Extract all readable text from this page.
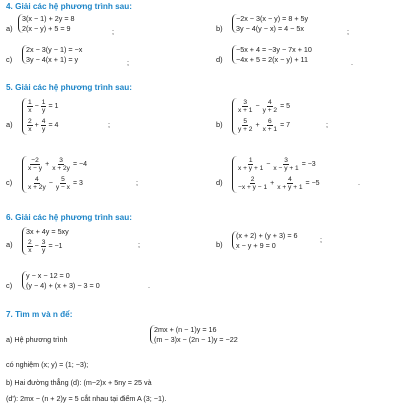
4. Giải các hệ phương trình sau:
a)
3(x − 1) + 2y = 8
2(x − y) + 5 = 9	;	b)
−2x − 3(x − y) = 8 + 5y
3y − 4(y − x) = 4 − 5x	;
c)
2x − 3(y − 1) = −x
3y − 4(x + 1) = y	;	d)
−5x + 4 = −3y − 7x + 10
−4x + 5 = 2(x − y) + 11	.
5. Giải các hệ phương trình sau:
a)
$\frac{1}{x} - \frac{1}{y} = 1$
$\frac{2}{x} + \frac{4}{y} = 4$	;	b)
$\frac{3}{x + 1} - \frac{4}{y + 2} = 5$
$\frac{5}{y + 2} + \frac{6}{x + 1} = 7$	;
c)
$\frac{-2}{x - y} + \frac{3}{x + 2y} = -4$
$\frac{4}{x + 2y} - \frac{5}{y - x} = 3$	;	d)
$\frac{1}{x + y + 1} - \frac{3}{x - y + 1} = -3$
$\frac{2}{-x + y - 1} + \frac{4}{x + y + 1} = -5$	.
6. Giải các hệ phương trình sau:
a)
3x + 4y = 5xy
$\frac{2}{x} - \frac{3}{y} = -1$	;	b)
(x + 2) + (y + 3) = 6
x − y + 9 = 0
;
c)
y − x − 12 = 0
(y − 4) + (x + 3) − 3 = 0	.
7. Tìm m và n để:
a) Hệ phương trình
2mx + (n − 1)y = 16
(m − 3)x − (2n − 1)y = −22
có nghiệm (x; y) = (1; −3);
b) Hai đường thẳng (d): (m−2)x + 5ny = 25 và
(d'): 2mx − (n + 2)y = 5 cắt nhau tại điểm A (3; −1).
